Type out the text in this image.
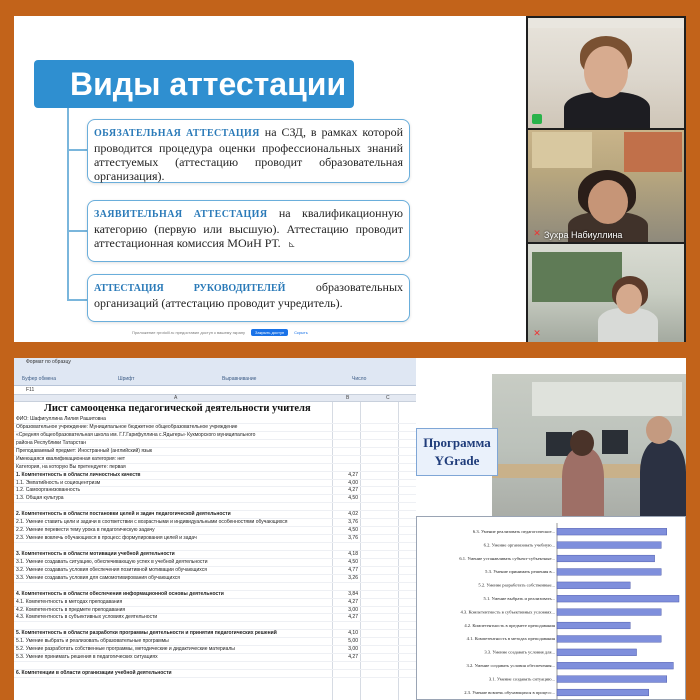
Виды аттестации
ОБЯЗАТЕЛЬНАЯ АТТЕСТАЦИЯ на СЗД, в рамках которой проводится процедура оценки профессиональных знаний аттестуемых (аттестацию проводит образовательная организация).
ЗАЯВИТЕЛЬНАЯ АТТЕСТАЦИЯ на квалификационную категорию (первую или высшую). Аттестацию проводит аттестационная комиссия МОиН РТ.
АТТЕСТАЦИЯ РУКОВОДИТЕЛЕЙ образовательных организаций (аттестацию проводит учредитель).
⊾
Приложение rprotolll.ru предоставил доступ к вашему экрану	Закрыть доступ	Скрыть
✕ Зухра Набиуллина
✕
Формат по образцу
Буфер обмена	Шрифт	Выравнивание	Число
F11
A	B	C
Лист самооценка педагогической деятельности учителя
ФИО: Шафигуллина Лилия Рашитовна
Образовательное учреждение: Муниципальное бюджетное общеобразовательное учреждение
«Средняя общеобразовательная школа им. Г.Г.Гарифуллина с.Ядыгерь» Кукморского муниципального
района Республики Татарстан
Преподаваемый предмет: Иностранный (английский) язык
Имеющаяся квалификационная категория: нет
Категория, на которую Вы претендуете: первая
1. Компетентность в области личностных качеств	4,27
1.1. Эмпатийность и социоцентризм	4,00
1.2. Самоорганизованность	4,27
1.3. Общая культура	4,50
2. Компетентность в области постановки целей и задач педагогической деятельности	4,02
2.1. Умение ставить цели и задачи в соответствии с возрастными и индивидуальными особенностями обучающихся	3,76
2.2. Умение перевести тему урока в педагогическую задачу	4,50
2.3. Умение вовлечь обучающихся в процесс формулирования целей и задач	3,76
3. Компетентность в области мотивации учебной деятельности	4,18
3.1. Умение создавать ситуацию, обеспечивающую успех в учебной деятельности	4,50
3.2. Умение создавать условия обеспечения позитивной мотивации обучающихся	4,77
3.3. Умение создавать условия для самомотивирования обучающихся	3,26
4. Компетентность в области обеспечения информационной основы деятельности	3,84
4.1. Компетентность в методах преподавания	4,27
4.2. Компетентность в предмете преподавания	3,00
4.3. Компетентность в субъективных условиях деятельности	4,27
5. Компетентность в области разработки программы деятельности и принятия педагогических решений	4,10
5.1. Умение выбрать и реализовать образовательные программы	5,00
5.2. Умение разработать собственные программы, методические и дидактические материалы	3,00
5.3. Умение принимать решения в педагогических ситуациях	4,27
6. Компетенции в области организации учебной деятельности
Программа
YGrade
6.3. Умение реализовать педагогическое...
6.2. Умение организовать учебную...
6.1. Умение устанавливать субъект-субъектные...
5.3. Умение принимать решения в...
5.2. Умение разработать собственные...
5.1. Умение выбрать и реализовать...
4.3. Компетентность в субъективных условиях...
4.2. Компетентность в предмете преподавания
4.1. Компетентность в методах преподавания
3.3. Умение создавать условия для...
3.2. Умение создавать условия обеспечения...
3.1. Умение создавать ситуацию...
2.3. Умение вовлечь обучающихся в процесс...
